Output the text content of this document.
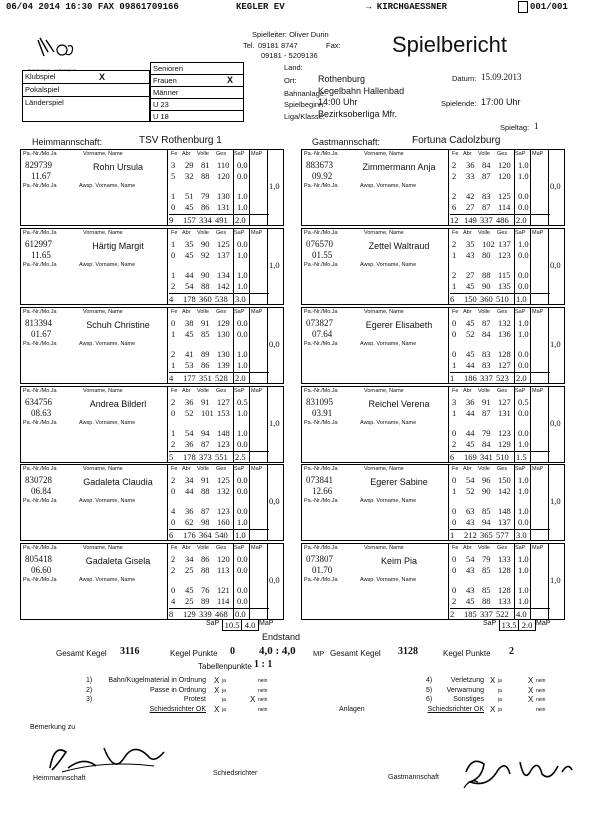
06/04 2014 16:30 FAX 09861709166	KEGLER EV	→ KIRCHGAESSNER	001/001
Deutscher Kegler- und Bowlingbund
Spielleiter: Oliver Durin
Tel. 09181 8747	Fax:
09181 - 5209136	Spielbericht
Klubspiel	X
Pokalspiel
Länderspiel
Senioren
Frauen	X
Männer
U 23
U 18
Land:
Ort: Rothenburg	Datum: 15.09.2013
Bahnanlage:
Kegelbahn Hallenbad
Spielbeginn:
14:00 Uhr	Spielende: 17:00 Uhr
Liga/Klasse:
Bezirksoberliga Mfr.
Spieltag: 1
Heimmannschaft:	TSV Rothenburg 1	Gastmannschaft:	Fortuna Cadolzburg
Pa.-Nr./Mo.Ja	Vorname, Name	Fe Abr Volle Ges SaP MaP
829739
11.67
Rohn Ursula
Pa.-Nr./Mo.Ja	Awsp. Vorname, Name
3 29 81 110 0.0
5 32 88 120 0.0
1 51 79 130 1.0
0 45 86 131 1.0
1,0
9 157 334 491 2.0
Pa.-Nr./Mo.Ja	Vorname, Name	Fe Abr Volle Ges SaP MaP
612997
11.65
Härtig Margit
Pa.-Nr./Mo.Ja	Awsp. Vorname, Name
1 35 90 125 0.0
0 45 92 137 1.0
1 44 90 134 1.0
2 54 88 142 1.0
1,0
4 178 360 538 3.0
Pa.-Nr./Mo.Ja	Vorname, Name	Fe Abr Volle Ges SaP MaP
813394
01.67
Schuh Christine
Pa.-Nr./Mo.Ja	Awsp. Vorname, Name
0 38 91 129 0.0
1 45 85 130 0.0
2 41 89 130 1.0
1 53 86 139 1.0
0,0
4 177 351 528 2.0
Pa.-Nr./Mo.Ja	Vorname, Name	Fe Abr Volle Ges SaP MaP
634756
08.63
Andrea Bilderl
Pa.-Nr./Mo.Ja	Awsp. Vorname, Name
2 36 91 127 0.5
0 52 101 153 1.0
1 54 94 148 1.0
2 36 87 123 0.0
1,0
5 178 373 551 2.5
Pa.-Nr./Mo.Ja	Vorname, Name	Fe Abr Volle Ges SaP MaP
830728
06.84
Gadaleta Claudia
Pa.-Nr./Mo.Ja	Awsp. Vorname, Name
2 34 91 125 0.0
0 44 88 132 0.0
4 36 87 123 0.0
0 62 98 160 1.0
0,0
6 176 364 540 1.0
Pa.-Nr./Mo.Ja	Vorname, Name	Fe Abr Volle Ges SaP MaP
805418
06.60
Gadaleta Gisela
Pa.-Nr./Mo.Ja	Awsp. Vorname, Name
2 34 86 120 0.0
2 25 88 113 0.0
0 45 76 121 0.0
4 25 89 114 0.0
0,0
8 129 339 468 0.0
Pa.-Nr./Mo.Ja	Vorname, Name	Fe Abr Volle Ges SaP MaP
883673
09.92
Zimmermann Anja
Pa.-Nr./Mo.Ja	Awsp. Vorname, Name
2 36 84 120 1.0
2 33 87 120 1.0
2 42 83 125 0.0
6 27 87 114 0.0
0,0
12 149 337 486 2.0
Pa.-Nr./Mo.Ja	Vorname, Name	Fe Abr Volle Ges SaP MaP
076570
01.55
Zettel Waltraud
Pa.-Nr./Mo.Ja	Awsp. Vorname, Name
2 35 102 137 1.0
1 43 80 123 0.0
2 27 88 115 0.0
1 45 90 135 0.0
0,0
6 150 360 510 1.0
Pa.-Nr./Mo.Ja	Vorname, Name	Fe Abr Volle Ges SaP MaP
073827
07.64
Egerer Elisabeth
Pa.-Nr./Mo.Ja	Awsp. Vorname, Name
0 45 87 132 1.0
0 52 84 136 1.0
0 45 83 128 0.0
1 44 83 127 0.0
1,0
1 186 337 523 2.0
Pa.-Nr./Mo.Ja	Vorname, Name	Fe Abr Volle Ges SaP MaP
831095
03.91
Reichel Verena
Pa.-Nr./Mo.Ja	Awsp. Vorname, Name
3 36 91 127 0.5
1 44 87 131 0.0
0 44 79 123 0.0
2 45 84 129 1.0
0,0
6 169 341 510 1.5
Pa.-Nr./Mo.Ja	Vorname, Name	Fe Abr Volle Ges SaP MaP
073841
12.66
Egerer Sabine
Pa.-Nr./Mo.Ja	Awsp. Vorname, Name
0 54 96 150 1.0
1 52 90 142 1.0
0 63 85 148 1.0
0 43 94 137 0.0
1,0
1 212 365 577 3.0
Pa.-Nr./Mo.Ja	Vorname, Name	Fe Abr Volle Ges SaP MaP
073807
01.70
Keim Pia
Pa.-Nr./Mo.Ja	Awsp. Vorname, Name
0 54 79 133 1.0
0 43 85 128 1.0
0 43 85 128 1.0
2 45 88 133 1.0
1,0
2 185 337 522 4.0
SaP 10.5 4.0 MaP	SaP 13.5 2.0 MaP
Endstand
Gesamt Kegel 3116	Kegel Punkte 0 4,0 : 4,0 MP Gesamt Kegel 3128	Kegel Punkte 2
Tabellenpunkte 1 : 1
1) Bahn/Kugelmaterial in Ordnung X ja	nein
2)	Passe in Ordnung X ja	nein
3)	Protest	ja	X nein
Schiedsrichter OK X ja	nein
4)	Verletzung X ja	X nein
5) Verwarnung	ja	X nein
6)	Sonstiges	ja	X nein
Schiedsrichter OK X ja	nein
Anlagen
Bemerkung zu
Heimmannschaft
Schiedsrichter
Gastmannschaft
